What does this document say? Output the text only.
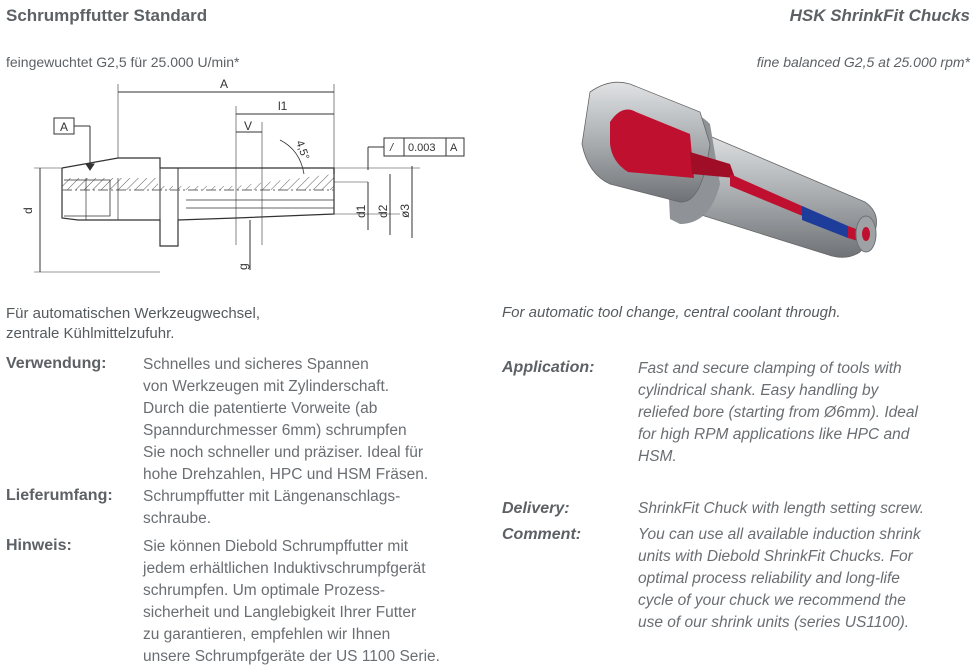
Schrumpffutter Standard	HSK ShrinkFit Chucks
feingewuchtet G2,5 für 25.000 U/min*	fine balanced G2,5 at 25.000 rpm*
A
A
l1
V
4,5°	/ 0.003 A
d	d1 d2 ø3
g
Für automatischen Werkzeugwechsel,
zentrale Kühlmittelzufuhr.
Verwendung: Schnelles und sicheres Spannen
von Werkzeugen mit Zylinderschaft.
Durch die patentierte Vorweite (ab
Spanndurchmesser 6mm) schrumpfen
Sie noch schneller und präziser. Ideal für
hohe Drehzahlen, HPC und HSM Fräsen.
Lieferumfang: Schrumpffutter mit Längenanschlags-
schraube.
Hinweis:	Sie können Diebold Schrumpffutter mit
jedem erhältlichen Induktivschrumpfgerät
schrumpfen. Um optimale Prozess-
sicherheit und Langlebigkeit Ihrer Futter
zu garantieren, empfehlen wir Ihnen
unsere Schrumpfgeräte der US 1100 Serie.
For automatic tool change, central coolant through.
Application:	Fast and secure clamping of tools with
cylindrical shank. Easy handling by
reliefed bore (starting from Ø6mm). Ideal
for high RPM applications like HPC and
HSM.
Delivery:	ShrinkFit Chuck with length setting screw.
Comment:	You can use all available induction shrink
units with Diebold ShrinkFit Chucks. For
optimal process reliability and long-life
cycle of your chuck we recommend the
use of our shrink units (series US1100).
